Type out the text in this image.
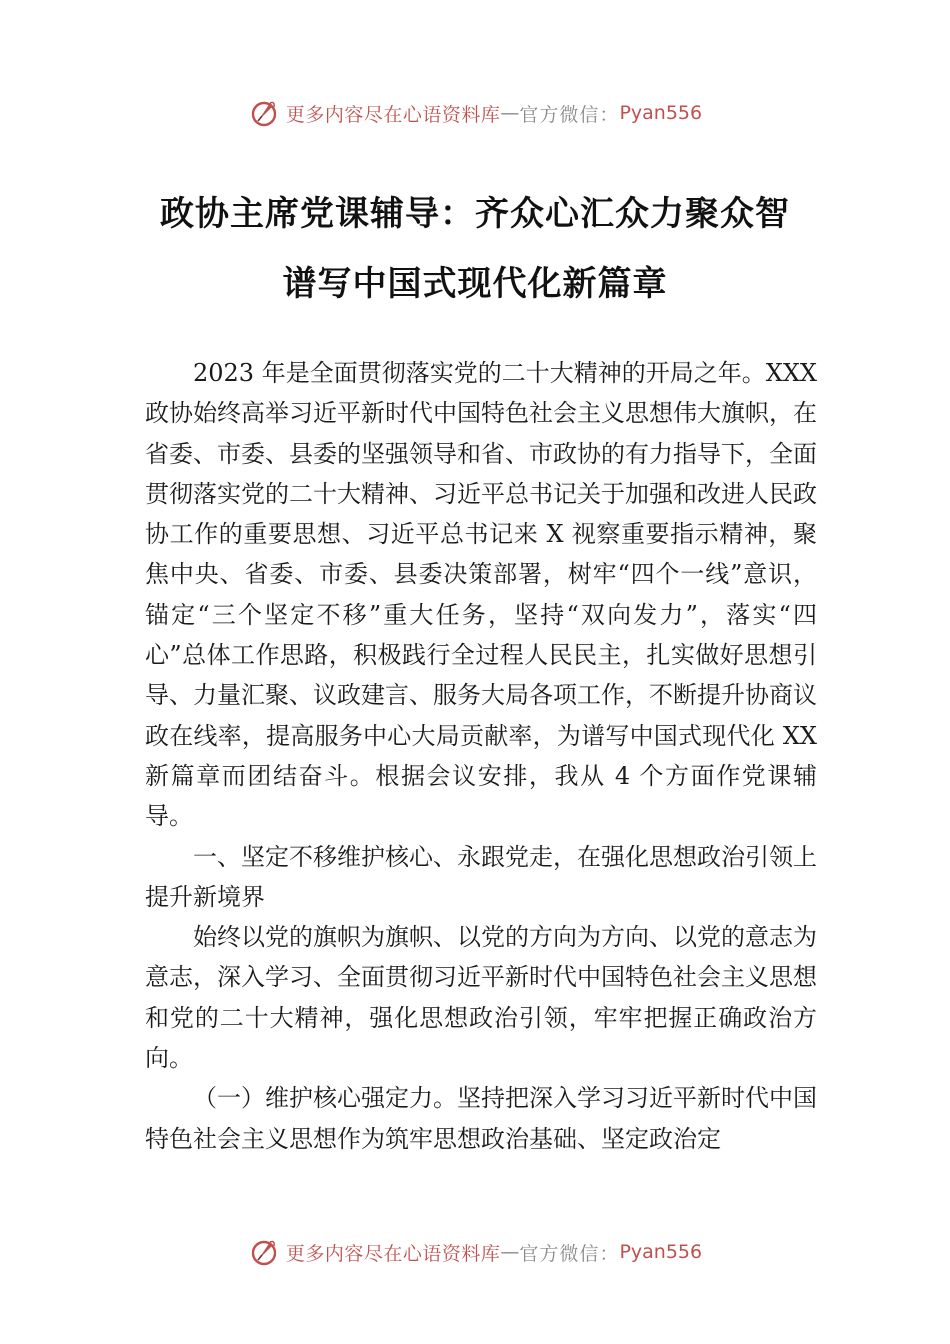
更多内容尽在心语资料库 — 官方微信： Pyan556
政协主席党课辅导：齐众心汇众力聚众智
谱写中国式现代化新篇章

2023 年是全面贯彻落实党的二十大精神的开局之年。XXX 政协始终高举习近平新时代中国特色社会主义思想伟大旗帜，在省委、市委、县委的坚强领导和省、市政协的有力指导下，全面贯彻落实党的二十大精神、习近平总书记关于加强和改进人民政协工作的重要思想、习近平总书记来 X 视察重要指示精神，聚焦中央、省委、市委、县委决策部署，树牢“四个一线”意识，锚定“三个坚定不移”重大任务，坚持“双向发力”，落实“四心”总体工作思路，积极践行全过程人民民主，扎实做好思想引导、力量汇聚、议政建言、服务大局各项工作，不断提升协商议政在线率，提高服务中心大局贡献率，为谱写中国式现代化 XX 新篇章而团结奋斗。根据会议安排，我从 4 个方面作党课辅导。

一、坚定不移维护核心、永跟党走，在强化思想政治引领上提升新境界

始终以党的旗帜为旗帜、以党的方向为方向、以党的意志为意志，深入学习、全面贯彻习近平新时代中国特色社会主义思想和党的二十大精神，强化思想政治引领，牢牢把握正确政治方向。

（一）维护核心强定力。坚持把深入学习习近平新时代中国特色社会主义思想作为筑牢思想政治基础、坚定政治定

更多内容尽在心语资料库 — 官方微信： Pyan556
